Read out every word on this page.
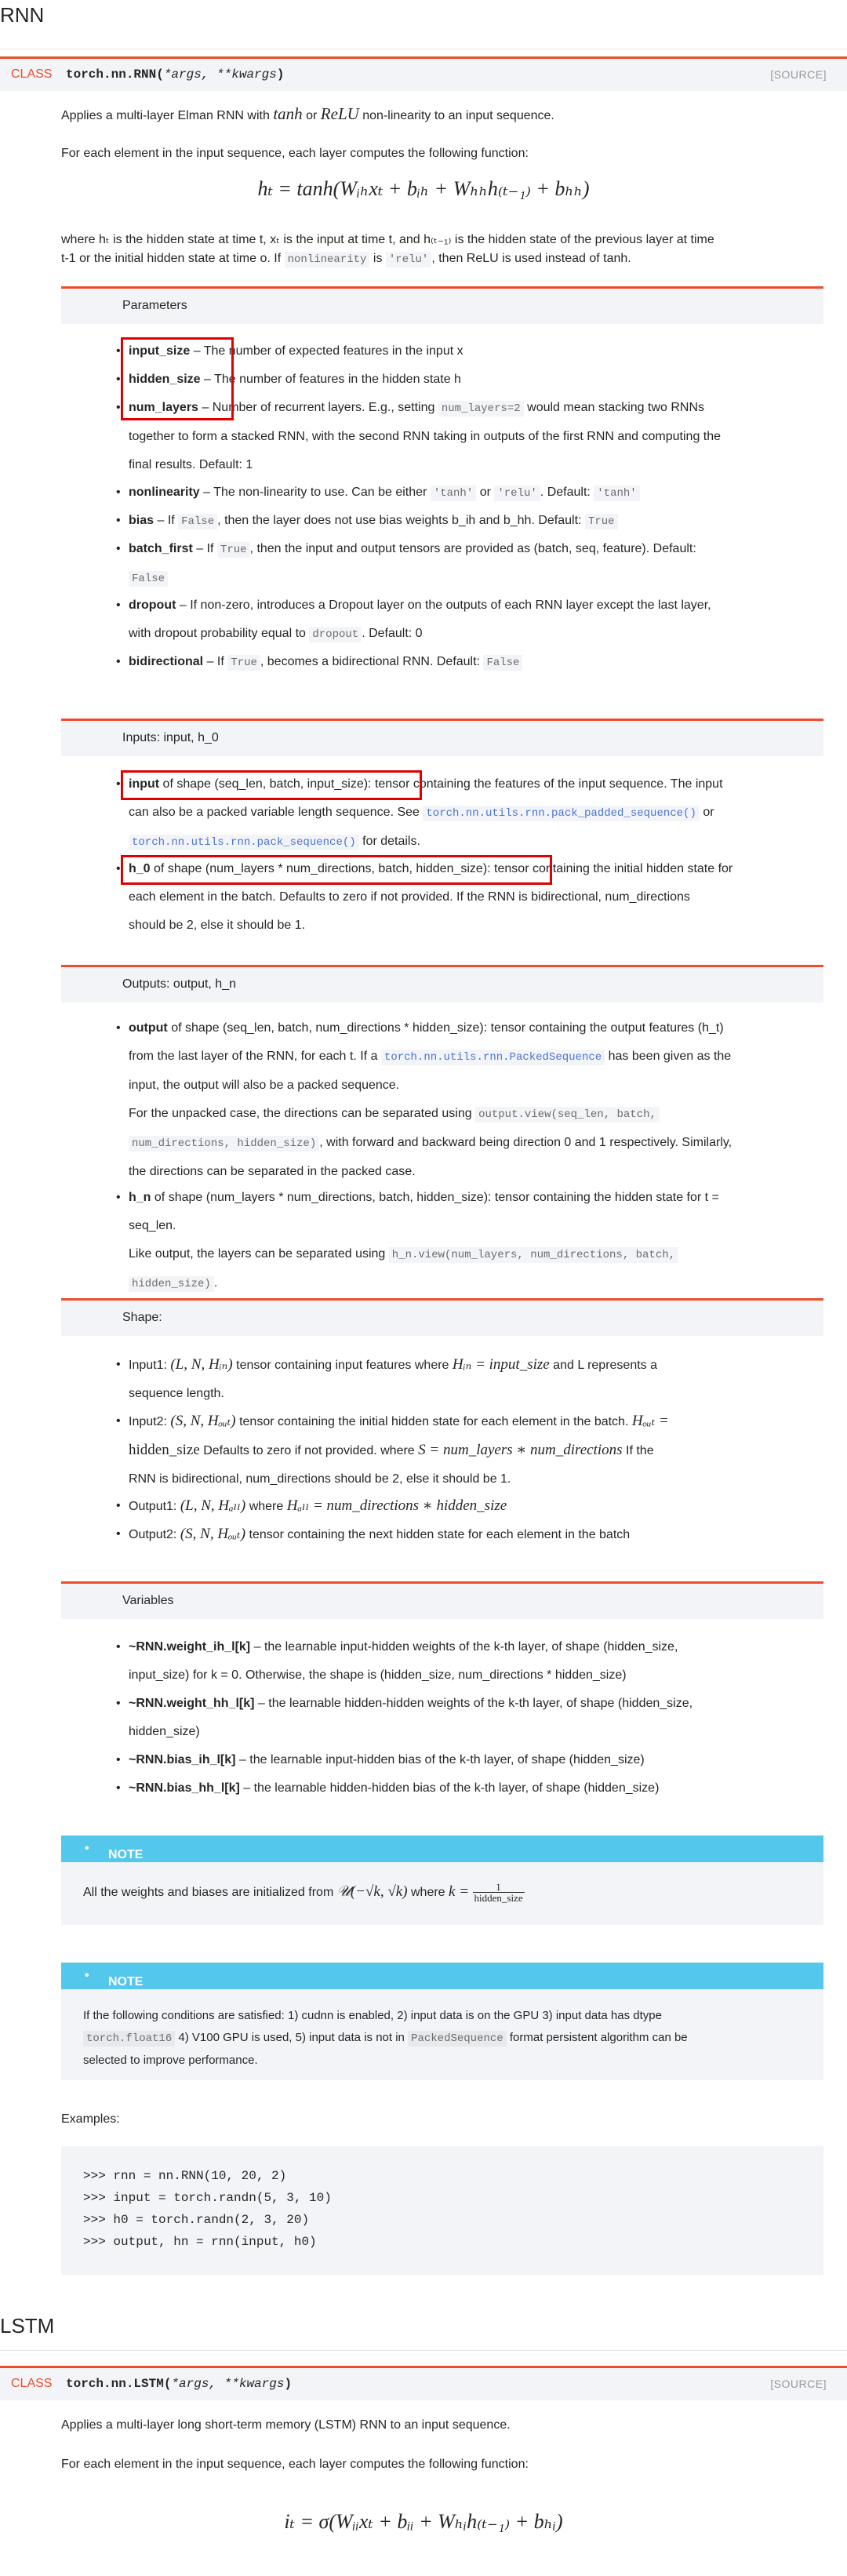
RNN
CLASS torch.nn.RNN(*args, **kwargs)	[SOURCE]
Applies a multi-layer Elman RNN with tanh or ReLU non-linearity to an input sequence.
For each element in the input sequence, each layer computes the following function:
hₜ = tanh(Wᵢₕxₜ + bᵢₕ + Wₕₕh₍ₜ₋₁₎ + bₕₕ)
where hₜ is the hidden state at time t, xₜ is the input at time t, and h₍ₜ₋₁₎ is the hidden state of the previous layer at time
t-1 or the initial hidden state at time o. If nonlinearity is 'relu' , then ReLU is used instead of tanh.
Parameters
• input_size – The number of expected features in the input x
• hidden_size – The number of features in the hidden state h
• num_layers – Number of recurrent layers. E.g., setting num_layers=2 would mean stacking two RNNs
together to form a stacked RNN, with the second RNN taking in outputs of the first RNN and computing the
final results. Default: 1
• nonlinearity – The non-linearity to use. Can be either 'tanh' or 'relu' . Default: 'tanh'
• bias – If False , then the layer does not use bias weights b_ih and b_hh. Default: True
• batch_first – If True , then the input and output tensors are provided as (batch, seq, feature). Default:
False
• dropout – If non-zero, introduces a Dropout layer on the outputs of each RNN layer except the last layer,
with dropout probability equal to dropout . Default: 0
• bidirectional – If True , becomes a bidirectional RNN. Default: False
Inputs: input, h_0
• input of shape (seq_len, batch, input_size): tensor containing the features of the input sequence. The input
can also be a packed variable length sequence. See torch.nn.utils.rnn.pack_padded_sequence() or
torch.nn.utils.rnn.pack_sequence() for details.
• h_0 of shape (num_layers * num_directions, batch, hidden_size): tensor containing the initial hidden state for
each element in the batch. Defaults to zero if not provided. If the RNN is bidirectional, num_directions
should be 2, else it should be 1.
Outputs: output, h_n
• output of shape (seq_len, batch, num_directions * hidden_size): tensor containing the output features (h_t)
from the last layer of the RNN, for each t. If a torch.nn.utils.rnn.PackedSequence has been given as the
input, the output will also be a packed sequence.
For the unpacked case, the directions can be separated using output.view(seq_len, batch,
num_directions, hidden_size) , with forward and backward being direction 0 and 1 respectively. Similarly,
the directions can be separated in the packed case.
• h_n of shape (num_layers * num_directions, batch, hidden_size): tensor containing the hidden state for t =
seq_len.
Like output, the layers can be separated using h_n.view(num_layers, num_directions, batch,
hidden_size) .
Shape:
• Input1: (L, N, Hᵢₙ) tensor containing input features where Hᵢₙ = input_size and L represents a
sequence length.
• Input2: (S, N, Hₒᵤₜ) tensor containing the initial hidden state for each element in the batch. Hₒᵤₜ =
hidden_size Defaults to zero if not provided. where S = num_layers ∗ num_directions If the
RNN is bidirectional, num_directions should be 2, else it should be 1.
• Output1: (L, N, Hₐₗₗ) where Hₐₗₗ = num_directions ∗ hidden_size
• Output2: (S, N, Hₒᵤₜ) tensor containing the next hidden state for each element in the batch
Variables
• ~RNN.weight_ih_l[k] – the learnable input-hidden weights of the k-th layer, of shape (hidden_size,
input_size) for k = 0. Otherwise, the shape is (hidden_size, num_directions * hidden_size)
• ~RNN.weight_hh_l[k] – the learnable hidden-hidden weights of the k-th layer, of shape (hidden_size,
hidden_size)
• ~RNN.bias_ih_l[k] – the learnable input-hidden bias of the k-th layer, of shape (hidden_size)
• ~RNN.bias_hh_l[k] – the learnable hidden-hidden bias of the k-th layer, of shape (hidden_size)
• NOTE
All the weights and biases are initialized from 𝒰(−√k, √k) where $k = \frac{1}{\text{hidden\_size}}$
• NOTE
If the following conditions are satisfied: 1) cudnn is enabled, 2) input data is on the GPU 3) input data has dtype
torch.float16 4) V100 GPU is used, 5) input data is not in PackedSequence format persistent algorithm can be
selected to improve performance.
Examples:
>>> rnn = nn.RNN(10, 20, 2)
>>> input = torch.randn(5, 3, 10)
>>> h0 = torch.randn(2, 3, 20)
>>> output, hn = rnn(input, h0)
LSTM
CLASS torch.nn.LSTM(*args, **kwargs)	[SOURCE]
Applies a multi-layer long short-term memory (LSTM) RNN to an input sequence.
For each element in the input sequence, each layer computes the following function:
iₜ = σ(Wᵢᵢxₜ + bᵢᵢ + Wₕᵢh₍ₜ₋₁₎ + bₕᵢ)
